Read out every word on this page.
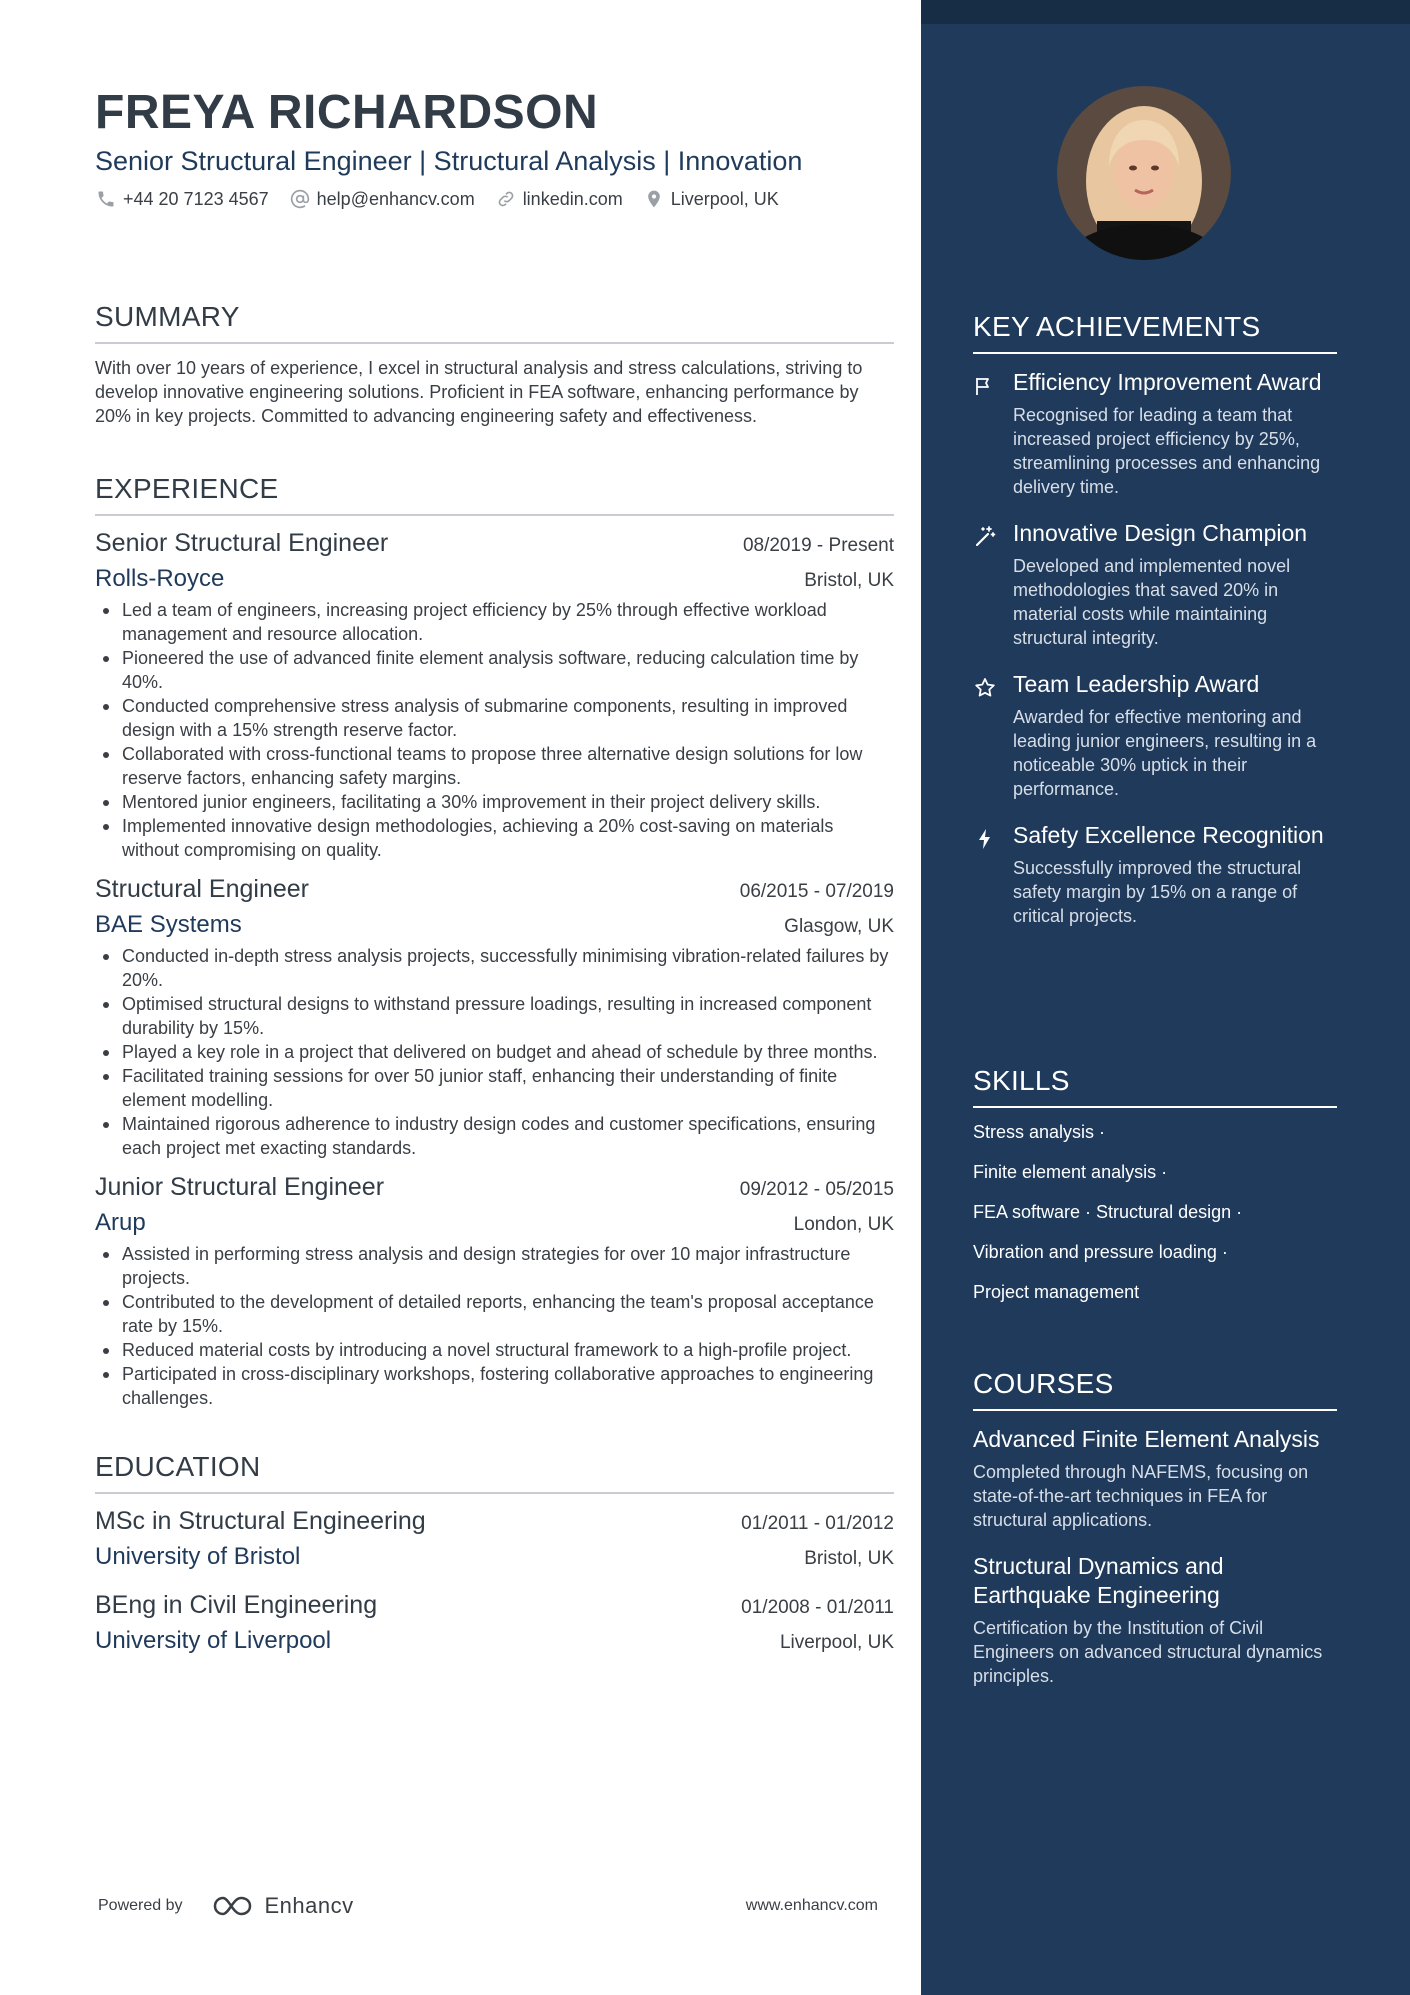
FREYA RICHARDSON
Senior Structural Engineer | Structural Analysis | Innovation
+44 20 7123 4567	help@enhancv.com	linkedin.com	Liverpool, UK
SUMMARY
With over 10 years of experience, I excel in structural analysis and stress calculations, striving to develop innovative engineering solutions. Proficient in FEA software, enhancing performance by 20% in key projects. Committed to advancing engineering safety and effectiveness.
EXPERIENCE
Senior Structural Engineer	08/2019 - Present
Rolls-Royce	Bristol, UK
Led a team of engineers, increasing project efficiency by 25% through effective workload management and resource allocation.
Pioneered the use of advanced finite element analysis software, reducing calculation time by 40%.
Conducted comprehensive stress analysis of submarine components, resulting in improved design with a 15% strength reserve factor.
Collaborated with cross-functional teams to propose three alternative design solutions for low reserve factors, enhancing safety margins.
Mentored junior engineers, facilitating a 30% improvement in their project delivery skills.
Implemented innovative design methodologies, achieving a 20% cost-saving on materials without compromising on quality.
Structural Engineer	06/2015 - 07/2019
BAE Systems	Glasgow, UK
Conducted in-depth stress analysis projects, successfully minimising vibration-related failures by 20%.
Optimised structural designs to withstand pressure loadings, resulting in increased component durability by 15%.
Played a key role in a project that delivered on budget and ahead of schedule by three months.
Facilitated training sessions for over 50 junior staff, enhancing their understanding of finite element modelling.
Maintained rigorous adherence to industry design codes and customer specifications, ensuring each project met exacting standards.
Junior Structural Engineer	09/2012 - 05/2015
Arup	London, UK
Assisted in performing stress analysis and design strategies for over 10 major infrastructure projects.
Contributed to the development of detailed reports, enhancing the team's proposal acceptance rate by 15%.
Reduced material costs by introducing a novel structural framework to a high-profile project.
Participated in cross-disciplinary workshops, fostering collaborative approaches to engineering challenges.
EDUCATION
MSc in Structural Engineering	01/2011 - 01/2012
University of Bristol	Bristol, UK
BEng in Civil Engineering	01/2008 - 01/2011
University of Liverpool	Liverpool, UK
Powered by	Enhancv	www.enhancv.com
KEY ACHIEVEMENTS
Efficiency Improvement Award
Recognised for leading a team that increased project efficiency by 25%, streamlining processes and enhancing delivery time.
Innovative Design Champion
Developed and implemented novel methodologies that saved 20% in material costs while maintaining structural integrity.
Team Leadership Award
Awarded for effective mentoring and leading junior engineers, resulting in a noticeable 30% uptick in their performance.
Safety Excellence Recognition
Successfully improved the structural safety margin by 15% on a range of critical projects.
SKILLS
Stress analysis ·
Finite element analysis ·
FEA software · Structural design ·
Vibration and pressure loading ·
Project management
COURSES
Advanced Finite Element Analysis
Completed through NAFEMS, focusing on state-of-the-art techniques in FEA for structural applications.
Structural Dynamics and Earthquake Engineering
Certification by the Institution of Civil Engineers on advanced structural dynamics principles.
